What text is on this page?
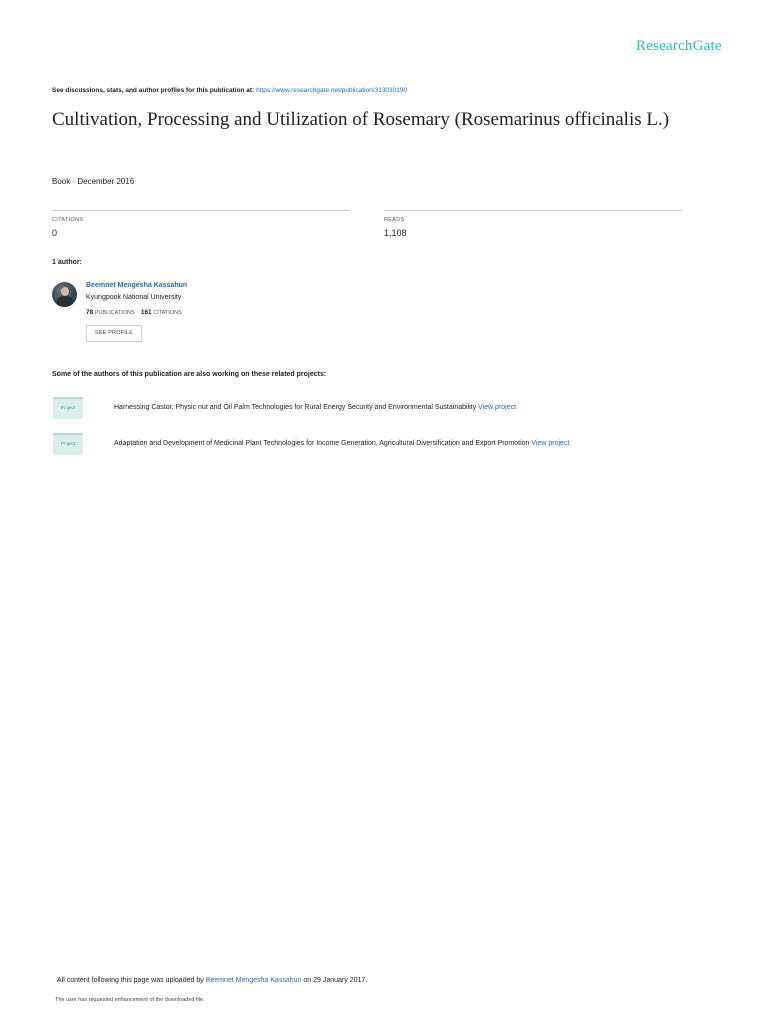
ResearchGate
See discussions, stats, and author profiles for this publication at: https://www.researchgate.net/publication/313030190
Cultivation, Processing and Utilization of Rosemary (Rosemarinus officinalis L.)
Book · December 2016
CITATIONS
0
READS
1,108
1 author:
Beemnet Mengesha Kassahun
Kyungpook National University
78 PUBLICATIONS 161 CITATIONS
SEE PROFILE
Some of the authors of this publication are also working on these related projects:
Project	Harnessing Castor, Physic nut and Oil Palm Technologies for Rural Energy Security and Environmental Sustainability View project
Project	Adaptation and Development of Medicinal Plant Technologies for Income Generation, Agricultural Diversification and Export Promotion View project
All content following this page was uploaded by Beemnet Mengesha Kassahun on 29 January 2017.
The user has requested enhancement of the downloaded file.
